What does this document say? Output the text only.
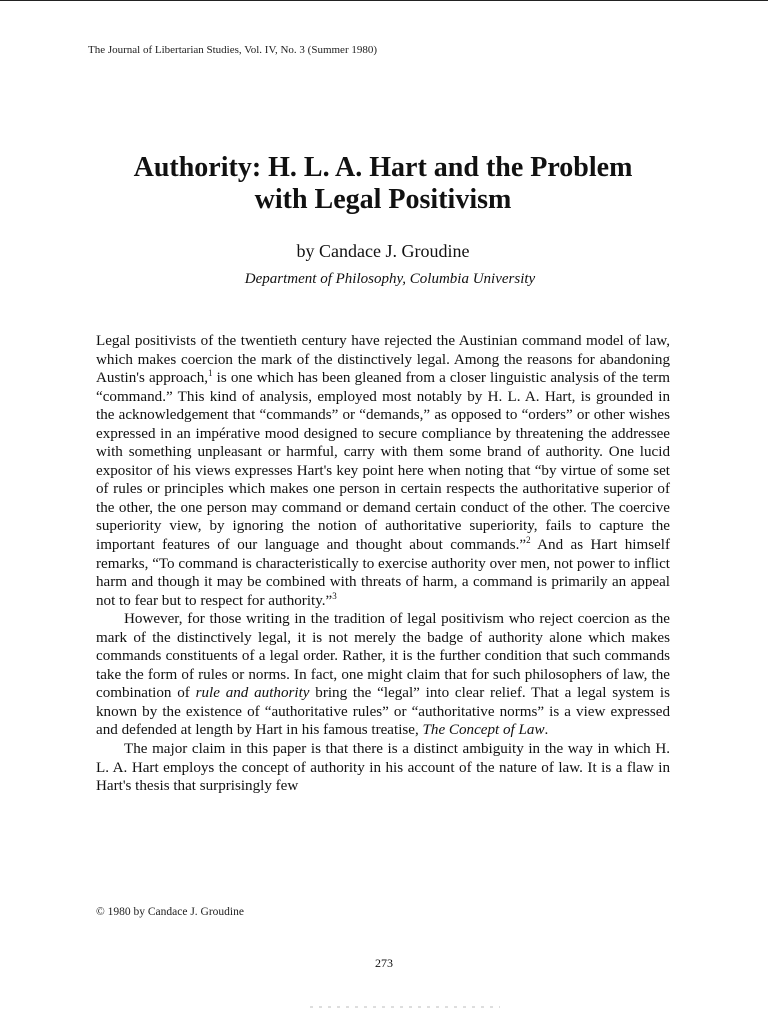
The Journal of Libertarian Studies, Vol. IV, No. 3 (Summer 1980)
Authority: H. L. A. Hart and the Problem
with Legal Positivism
by Candace J. Groudine
Department of Philosophy, Columbia University

Legal positivists of the twentieth century have rejected the Austinian command model of law, which makes coercion the mark of the distinctively legal. Among the reasons for abandoning Austin's approach,$^1$ is one which has been gleaned from a closer linguistic analysis of the term “command.” This kind of analysis, employed most notably by H. L. A. Hart, is grounded in the acknowledgement that “commands” or “demands,” as opposed to “orders” or other wishes expressed in an impérative mood designed to secure compliance by threatening the addressee with something unpleasant or harmful, carry with them some brand of authority. One lucid expositor of his views expresses Hart's key point here when noting that “by virtue of some set of rules or principles which makes one person in certain respects the authoritative superior of the other, the one person may command or demand certain conduct of the other. The coercive superiority view, by ignoring the notion of authoritative superiority, fails to capture the important features of our language and thought about commands.”$^2$ And as Hart himself remarks, “To command is characteristically to exercise authority over men, not power to inflict harm and though it may be combined with threats of harm, a command is primarily an appeal not to fear but to respect for authority.”$^3$

However, for those writing in the tradition of legal positivism who reject coercion as the mark of the distinctively legal, it is not merely the badge of authority alone which makes commands constituents of a legal order. Rather, it is the further condition that such commands take the form of rules or norms. In fact, one might claim that for such philosophers of law, the combination of rule and authority bring the “legal” into clear relief. That a legal system is known by the existence of “authoritative rules” or “authoritative norms” is a view expressed and defended at length by Hart in his famous treatise, The Concept of Law.

The major claim in this paper is that there is a distinct ambiguity in the way in which H. L. A. Hart employs the concept of authority in his account of the nature of law. It is a flaw in Hart's thesis that surprisingly few

© 1980 by Candace J. Groudine
273
